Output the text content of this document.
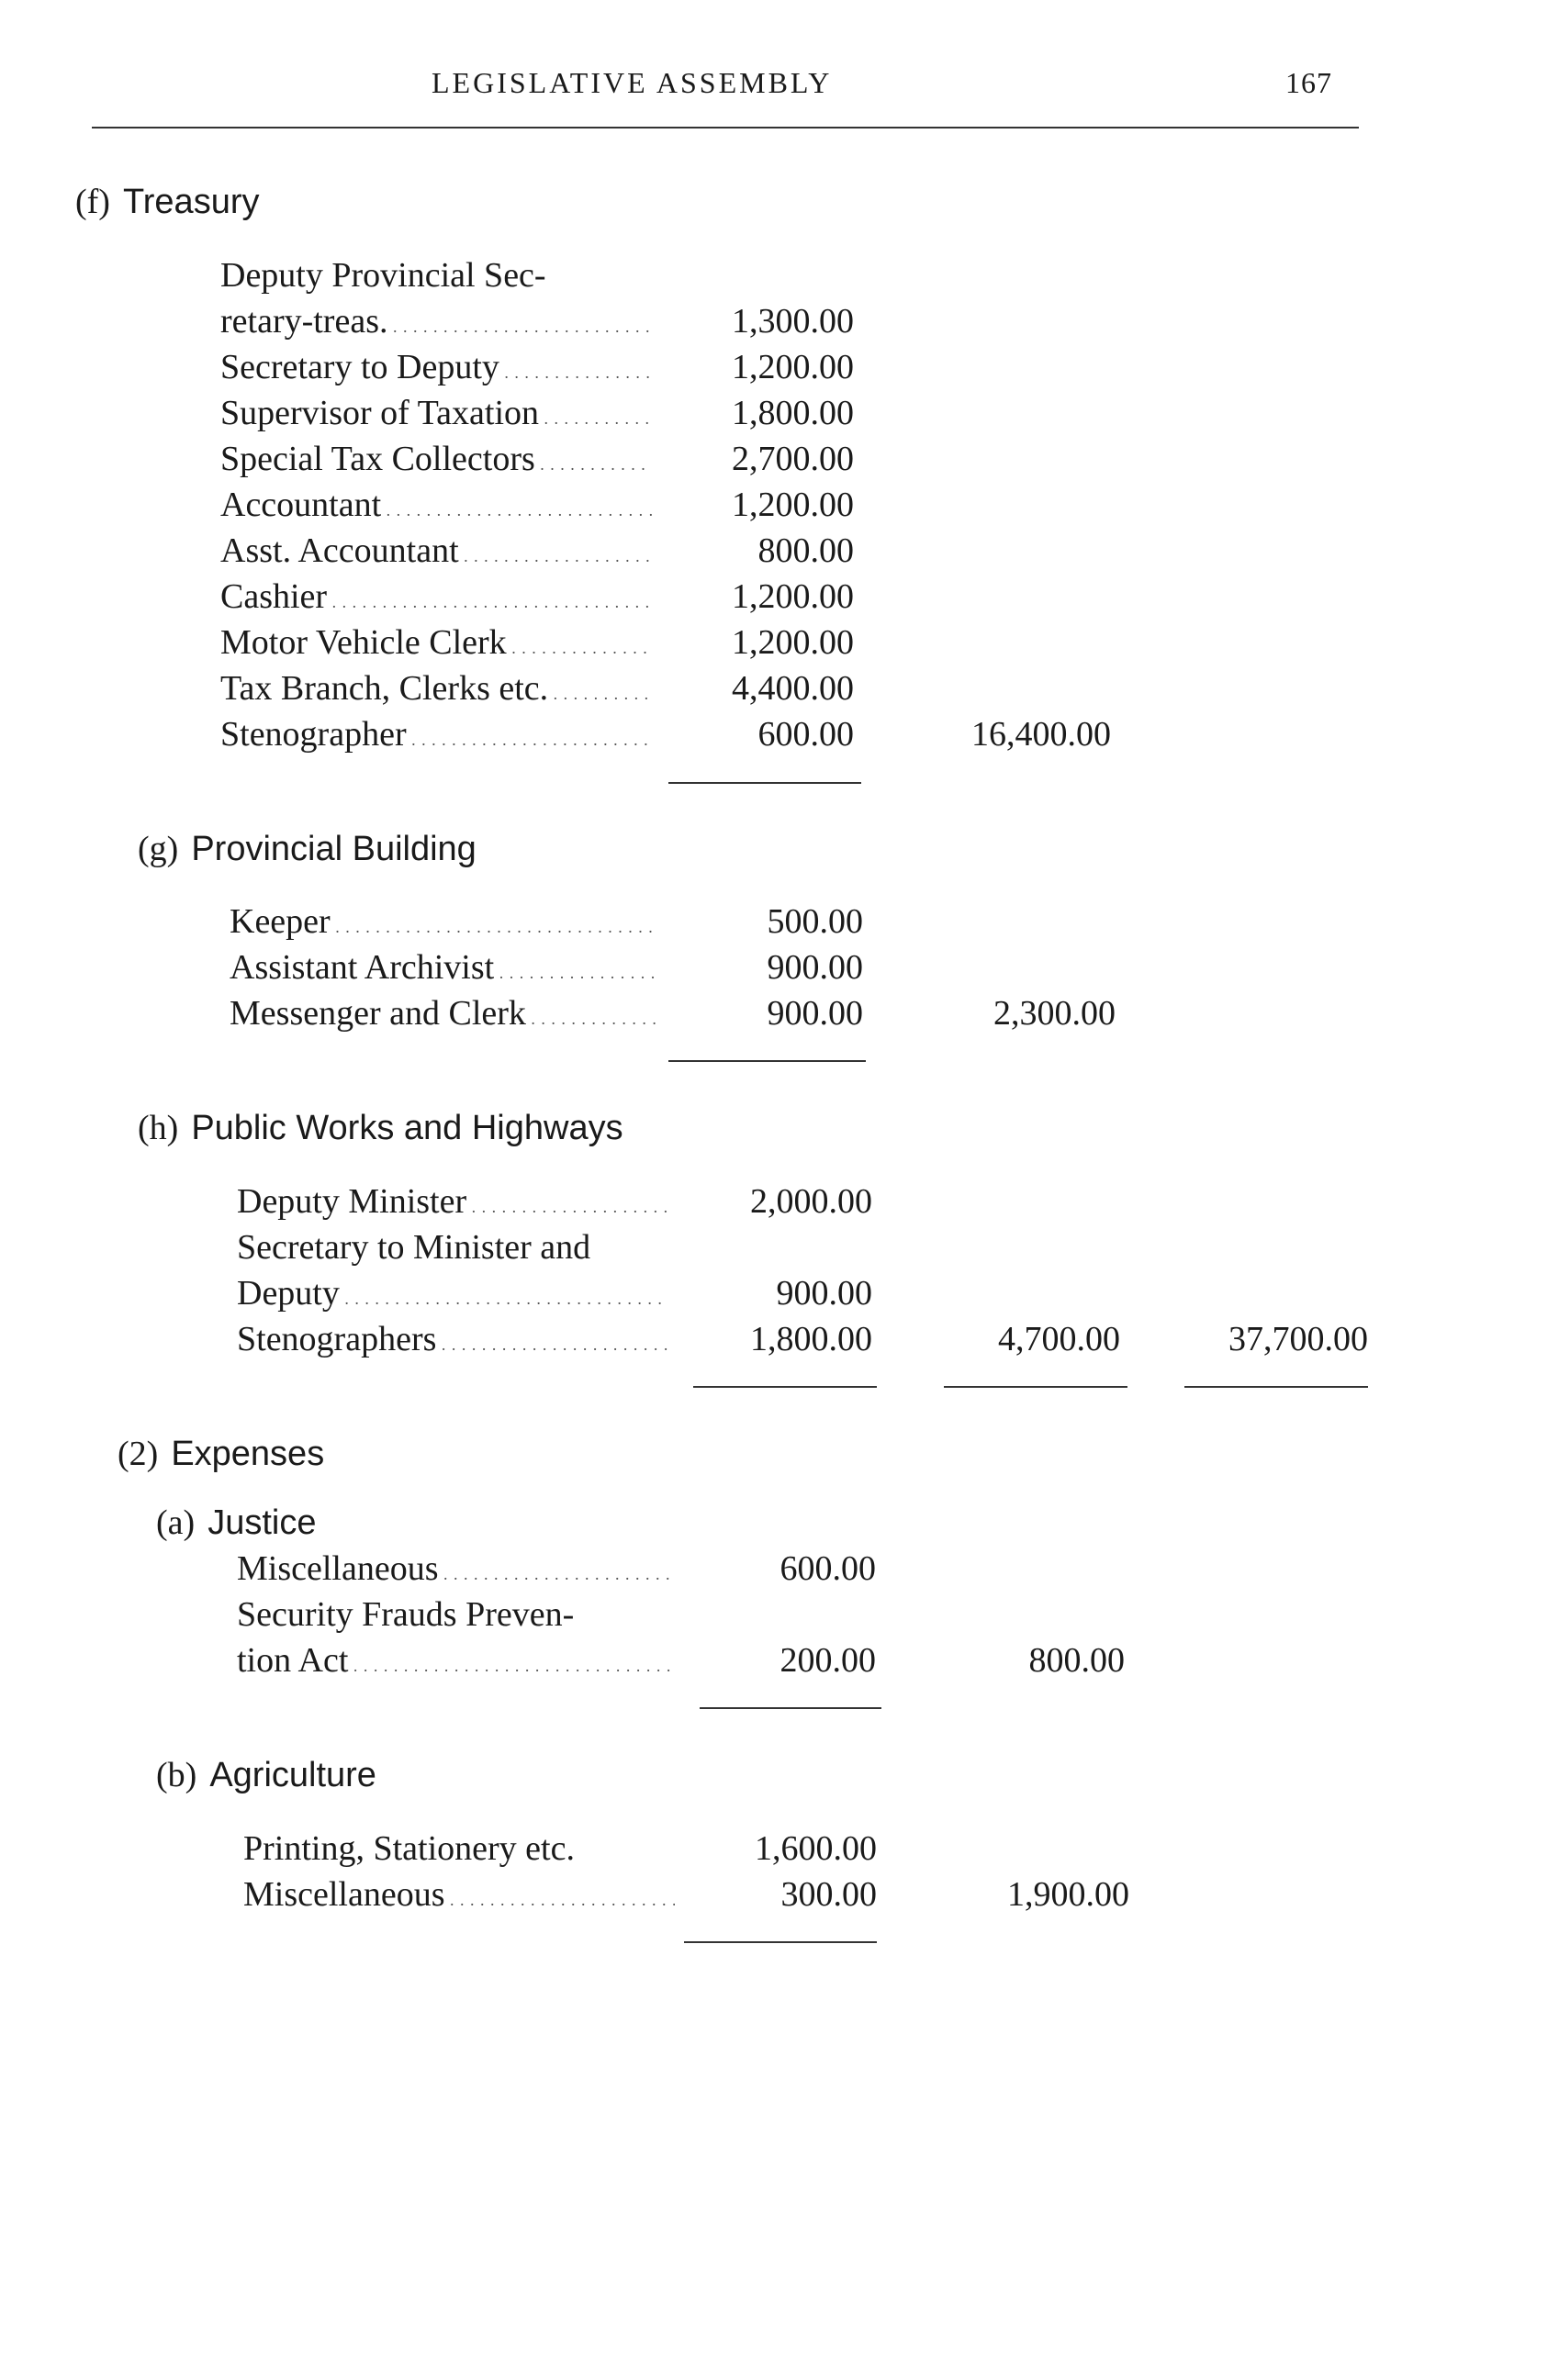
LEGISLATIVE ASSEMBLY	167
(f) Treasury
Deputy Provincial Sec-
retary-treas. . . .	1,300.00
Secretary to Deputy . . .	1,200.00
Supervisor of Taxation . . .	1,800.00
Special Tax Collectors . . .	2,700.00
Accountant . . .	1,200.00
Asst. Accountant . . .	800.00
Cashier . . .	1,200.00
Motor Vehicle Clerk . . .	1,200.00
Tax Branch, Clerks etc. . . .	4,400.00
Stenographer . . .	600.00	16,400.00
(g) Provincial Building
Keeper . . .	500.00
Assistant Archivist . . .	900.00
Messenger and Clerk . . .	900.00	2,300.00
(h) Public Works and Highways
Deputy Minister . . .	2,000.00
Secretary to Minister and
Deputy . . .	900.00
Stenographers . . .	1,800.00	4,700.00	37,700.00
(2) Expenses
(a) Justice
Miscellaneous . . .	600.00
Security Frauds Preven-
tion Act . . .	200.00	800.00
(b) Agriculture
Printing, Stationery etc.	1,600.00
Miscellaneous . . .	300.00	1,900.00
